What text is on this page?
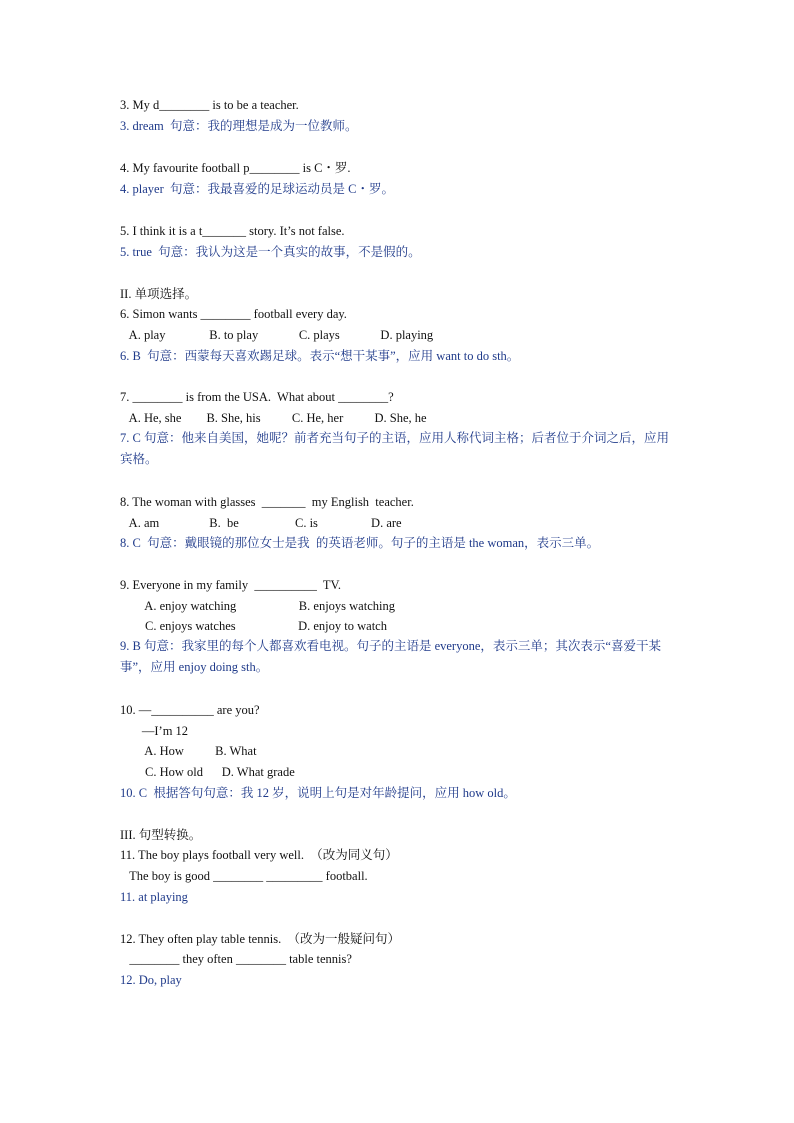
3. My d________ is to be a teacher.
3. dream  句意：我的理想是成为一位教师。
4. My favourite football p________ is C・罗.
4. player  句意：我最喜爱的足球运动员是 C・罗。
5. I think it is a t_______ story. It’s not false.
5. true  句意：我认为这是一个真实的故事，不是假的。
II. 单项选择。
6. Simon wants ________ football every day.
A. play              B. to play             C. plays             D. playing
6. B  句意：西蒙每天喜欢踢足球。表示“想干某事”，应用 want to do sth。
7. ________ is from the USA.  What about ________?
A. He, she        B. She, his          C. He, her          D. She, he
7. C 句意：他来自美国，她呢？前者充当句子的主语，应用人称代词主格；后者位于介词之后，应用宾格。
8. The woman with glasses  _______  my English  teacher.
A. am                B.  be                  C. is                 D. are
8. C  句意：戴眼镜的那位女士是我  的英语老师。句子的主语是 the woman，表示三单。
9. Everyone in my family  __________  TV.
A. enjoy watching                    B. enjoys watching
C. enjoys watches                    D. enjoy to watch
9. B 句意：我家里的每个人都喜欢看电视。句子的主语是 everyone，表示三单；其次表示“喜爱干某事”，应用 enjoy doing sth。
10. —__________ are you?
—I’m 12
A. How          B. What
C. How old      D. What grade
10. C  根据答句句意：我 12 岁，说明上句是对年龄提问，应用 how old。
III. 句型转换。
11. The boy plays football very well.  （改为同义句）
The boy is good ________ _________ football.
11. at playing
12. They often play table tennis.  （改为一般疑问句）
________ they often ________ table tennis?
12. Do, play
